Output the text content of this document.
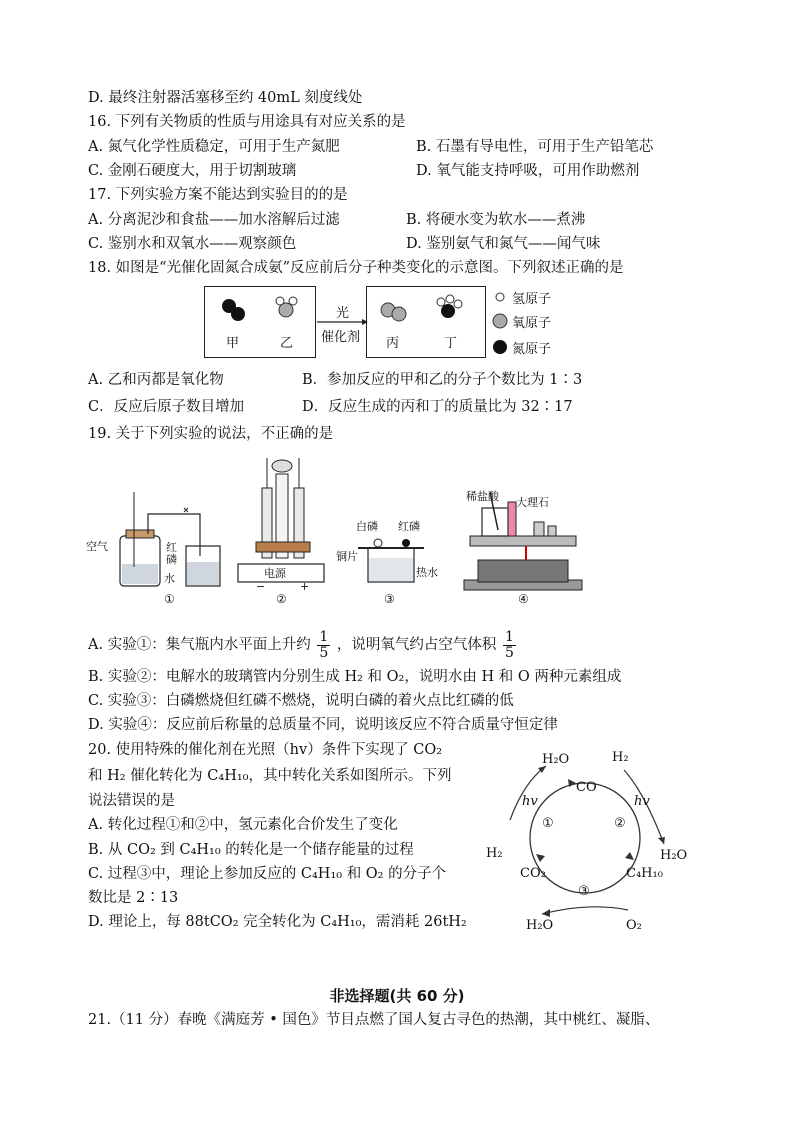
D. 最终注射器活塞移至约 40mL 刻度线处
16. 下列有关物质的性质与用途具有对应关系的是
A. 氮气化学性质稳定，可用于生产氮肥	B. 石墨有导电性，可用于生产铅笔芯
C. 金刚石硬度大，用于切割玻璃	D. 氧气能支持呼吸，可用作助燃剂
17. 下列实验方案不能达到实验目的的是
A. 分离泥沙和食盐——加水溶解后过滤	B. 将硬水变为软水——煮沸
C. 鉴别水和双氧水——观察颜色	D. 鉴别氨气和氮气——闻气味
18. 如图是“光催化固氮合成氨”反应前后分子种类变化的示意图。下列叙述正确的是
甲	乙
光
催化剂 丙	丁
氢原子
氧原子
氮原子
A. 乙和丙都是氧化物	B．参加反应的甲和乙的分子个数比为 1∶3
C．反应后原子数目增加	D．反应生成的丙和丁的质量比为 32∶17
19. 关于下列实验的说法，不正确的是
空气	红磷
水
①
电源
−	+
②
白磷 红磷
铜片
热水
③
稀盐酸 大理石
④
A. 实验①：集气瓶内水平面上升约 $\frac{1}{5}$ ，说明氧气约占空气体积 $\frac{1}{5}$
B. 实验②：电解水的玻璃管内分别生成 H₂ 和 O₂，说明水由 H 和 O 两种元素组成
C. 实验③：白磷燃烧但红磷不燃烧，说明白磷的着火点比红磷的低
D. 实验④：反应前后称量的总质量不同，说明该反应不符合质量守恒定律
20. 使用特殊的催化剂在光照（hv）条件下实现了 CO₂
和 H₂ 催化转化为 C₄H₁₀，其中转化关系如图所示。下列
说法错误的是
A. 转化过程①和②中，氢元素化合价发生了变化
B. 从 CO₂ 到 C₄H₁₀ 的转化是一个储存能量的过程
C. 过程③中，理论上参加反应的 C₄H₁₀ 和 O₂ 的分子个
数比是 2∶13
D. 理论上，每 88tCO₂ 完全转化为 C₄H₁₀，需消耗 26tH₂
H₂O	H₂
hv	hv
CO
①	②
H₂	H₂O
CO₂	C₄H₁₀
③
H₂O	O₂
非选择题(共 60 分)
21.（11 分）春晚《满庭芳 • 国色》节目点燃了国人复古寻色的热潮，其中桃红、凝脂、
